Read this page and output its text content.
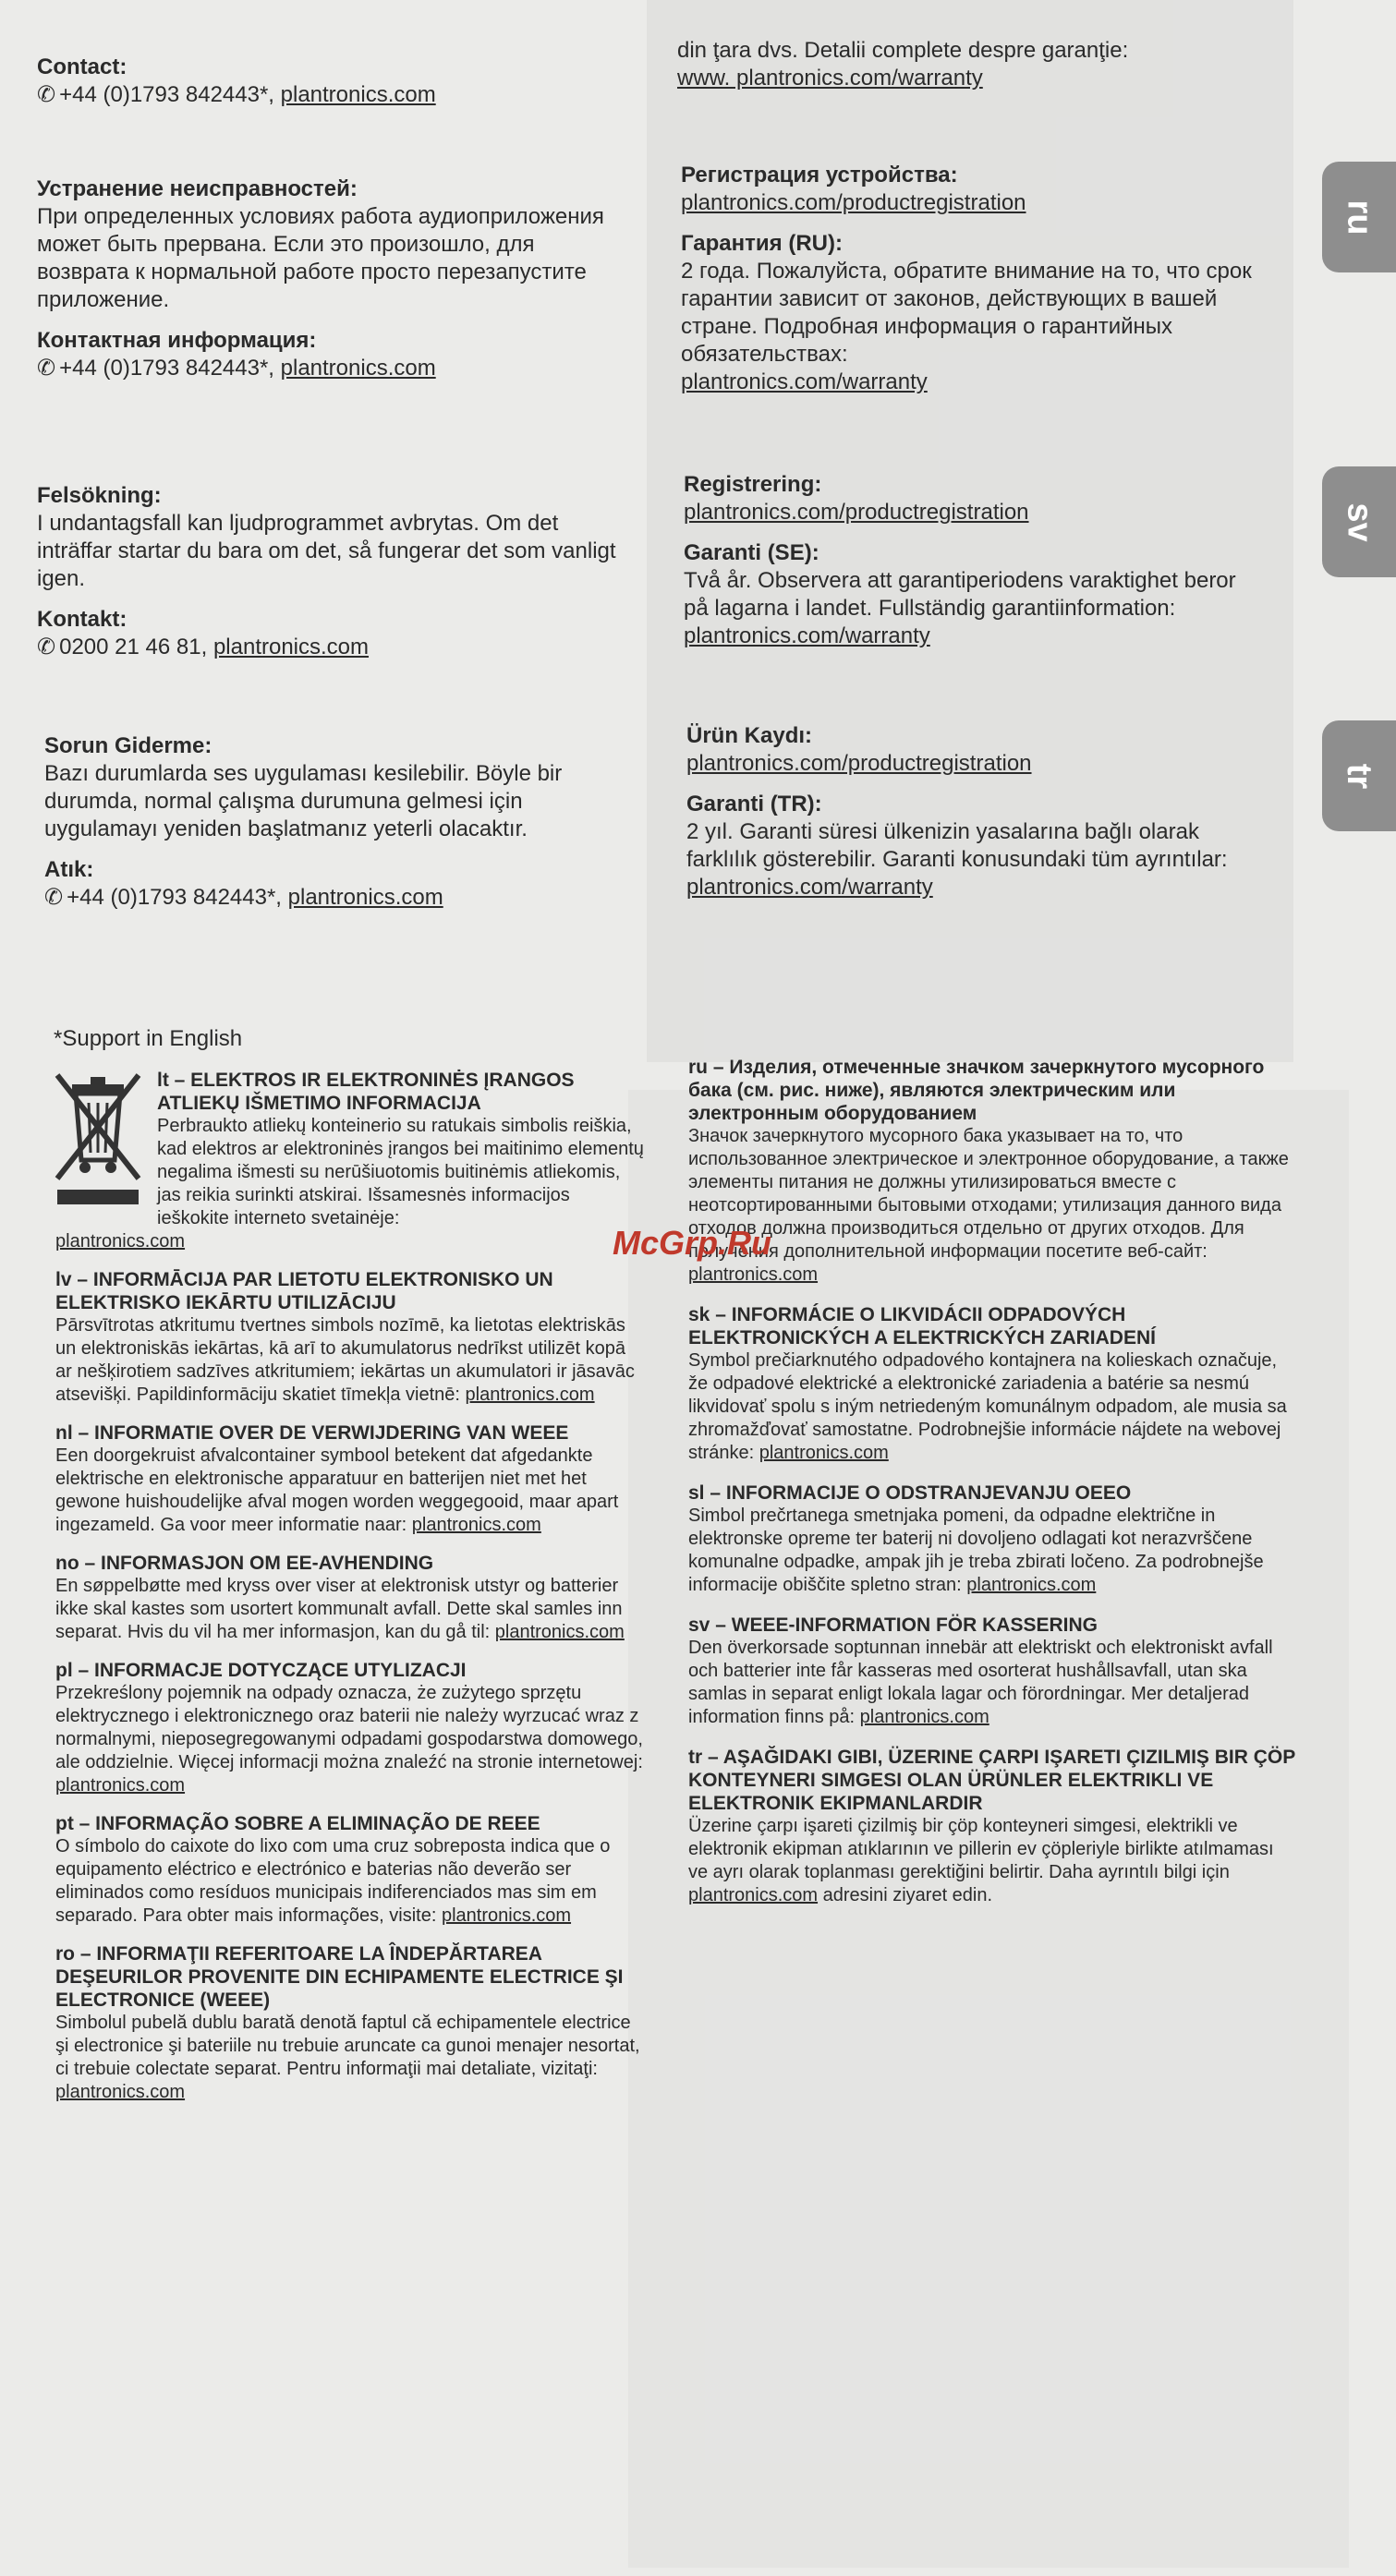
ru
sv
tr
Contact:
✆ +44 (0)1793 842443*, plantronics.com
Устранение неисправностей:
При определенных условиях работа аудиоприложения может быть прервана. Если это произошло, для возврата к нормальной работе просто перезапустите приложение.
Контактная информация:
✆ +44 (0)1793 842443*, plantronics.com
Felsökning:
I undantagsfall kan ljudprogrammet avbrytas. Om det inträffar startar du bara om det, så fungerar det som vanligt igen.
Kontakt:
✆ 0200 21 46 81, plantronics.com
Sorun Giderme:
Bazı durumlarda ses uygulaması kesilebilir. Böyle bir durumda, normal çalışma durumuna gelmesi için uygulamayı yeniden başlatmanız yeterli olacaktır.
Atık:
✆ +44 (0)1793 842443*, plantronics.com
*Support in English
din ţara dvs. Detalii complete despre garanţie:
www. plantronics.com/warranty
Регистрация устройства:
plantronics.com/productregistration
Гарантия (RU):
2 года. Пожалуйста, обратите внимание на то, что срок гарантии зависит от законов, действующих в вашей стране. Подробная информация о гарантийных обязательствах:
plantronics.com/warranty
Registrering:
plantronics.com/productregistration
Garanti (SE):
Två år. Observera att garantiperiodens varaktighet beror på lagarna i landet. Fullständig garantiinformation:
plantronics.com/warranty
Ürün Kaydı:
plantronics.com/productregistration
Garanti (TR):
2 yıl. Garanti süresi ülkenizin yasalarına bağlı olarak farklılık gösterebilir. Garanti konusundaki tüm ayrıntılar:
plantronics.com/warranty
lt – ELEKTROS IR ELEKTRONINĖS ĮRANGOS ATLIEKŲ IŠMETIMO INFORMACIJA
Perbraukto atliekų konteinerio su ratukais simbolis reiškia, kad elektros ar elektroninės įrangos bei maitinimo elementų negalima išmesti su nerūšiuotomis buitinėmis atliekomis, jas reikia surinkti atskirai. Išsamesnės informacijos ieškokite interneto svetainėje:
plantronics.com
lv – INFORMĀCIJA PAR LIETOTU ELEKTRONISKO UN ELEKTRISKO IEKĀRTU UTILIZĀCIJU
Pārsvītrotas atkritumu tvertnes simbols nozīmē, ka lietotas elektriskās un elektroniskās iekārtas, kā arī to akumulatorus nedrīkst utilizēt kopā ar nešķirotiem sadzīves atkritumiem; iekārtas un akumulatori ir jāsavāc atsevišķi. Papildinformāciju skatiet tīmekļa vietnē: plantronics.com
nl – INFORMATIE OVER DE VERWIJDERING VAN WEEE
Een doorgekruist afvalcontainer symbool betekent dat afgedankte elektrische en elektronische apparatuur en batterijen niet met het gewone huishoudelijke afval mogen worden weggegooid, maar apart ingezameld. Ga voor meer informatie naar: plantronics.com
no – INFORMASJON OM EE-AVHENDING
En søppelbøtte med kryss over viser at elektronisk utstyr og batterier ikke skal kastes som usortert kommunalt avfall. Dette skal samles inn separat. Hvis du vil ha mer informasjon, kan du gå til: plantronics.com
pl – INFORMACJE DOTYCZĄCE UTYLIZACJI
Przekreślony pojemnik na odpady oznacza, że zużytego sprzętu elektrycznego i elektronicznego oraz baterii nie należy wyrzucać wraz z normalnymi, nieposegregowanymi odpadami gospodarstwa domowego, ale oddzielnie. Więcej informacji można znaleźć na stronie internetowej: plantronics.com
pt – INFORMAÇÃO SOBRE A ELIMINAÇÃO DE REEE
O símbolo do caixote do lixo com uma cruz sobreposta indica que o equipamento eléctrico e electrónico e baterias não deverão ser eliminados como resíduos municipais indiferenciados mas sim em separado. Para obter mais informações, visite: plantronics.com
ro – INFORMAŢII REFERITOARE LA ÎNDEPĂRTAREA DEŞEURILOR PROVENITE DIN ECHIPAMENTE ELECTRICE ŞI ELECTRONICE (WEEE)
Simbolul pubelă dublu barată denotă faptul că echipamentele electrice şi electronice şi bateriile nu trebuie aruncate ca gunoi menajer nesortat, ci trebuie colectate separat. Pentru informaţii mai detaliate, vizitaţi: plantronics.com
ru – Изделия, отмеченные значком зачеркнутого мусорного бака (см. рис. ниже), являются электрическим или электронным оборудованием
Значок зачеркнутого мусорного бака указывает на то, что использованное электрическое и электронное оборудование, а также элементы питания не должны утилизироваться вместе с неотсортированными бытовыми отходами; утилизация данного вида отходов должна производиться отдельно от других отходов. Для получения дополнительной информации посетите веб-сайт: plantronics.com
sk – INFORMÁCIE O LIKVIDÁCII ODPADOVÝCH ELEKTRONICKÝCH A ELEKTRICKÝCH ZARIADENÍ
Symbol prečiarknutého odpadového kontajnera na kolieskach označuje, že odpadové elektrické a elektronické zariadenia a batérie sa nesmú likvidovať spolu s iným netriedeným komunálnym odpadom, ale musia sa zhromažďovať samostatne. Podrobnejšie informácie nájdete na webovej stránke: plantronics.com
sl – INFORMACIJE O ODSTRANJEVANJU OEEO
Simbol prečrtanega smetnjaka pomeni, da odpadne električne in elektronske opreme ter baterij ni dovoljeno odlagati kot nerazvrščene komunalne odpadke, ampak jih je treba zbirati ločeno. Za podrobnejše informacije obiščite spletno stran: plantronics.com
sv – WEEE-INFORMATION FÖR KASSERING
Den överkorsade soptunnan innebär att elektriskt och elektroniskt avfall och batterier inte får kasseras med osorterat hushållsavfall, utan ska samlas in separat enligt lokala lagar och förordningar. Mer detaljerad information finns på: plantronics.com
tr – AŞAĞIDAKI GIBI, ÜZERINE ÇARPI IŞARETI ÇIZILMIŞ BIR ÇÖP KONTEYNERI SIMGESI OLAN ÜRÜNLER ELEKTRIKLI VE ELEKTRONIK EKIPMANLARDIR
Üzerine çarpı işareti çizilmiş bir çöp konteyneri simgesi, elektrikli ve elektronik ekipman atıklarının ve pillerin ev çöpleriyle birlikte atılmaması ve ayrı olarak toplanması gerektiğini belirtir. Daha ayrıntılı bilgi için plantronics.com adresini ziyaret edin.
McGrp.Ru
